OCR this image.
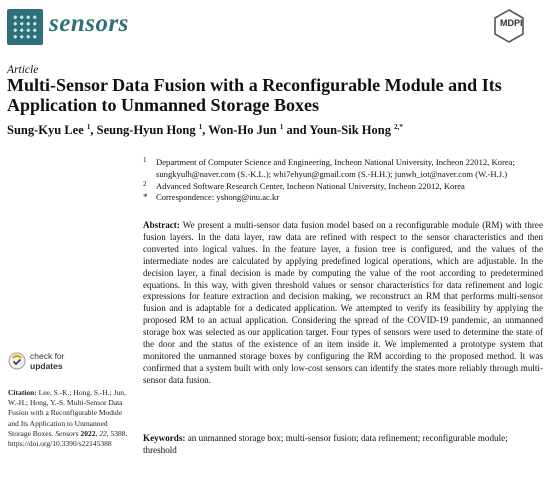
sensors	MDPI
Article
Multi-Sensor Data Fusion with a Reconfigurable Module and Its Application to Unmanned Storage Boxes
Sung-Kyu Lee $^1$, Seung-Hyun Hong $^1$, Won-Ho Jun $^1$ and Youn-Sik Hong $^{2,*}$
1 Department of Computer Science and Engineering, Incheon National University, Incheon 22012, Korea;
sungkyulh@naver.com (S.-K.L.); whi7ehyun@gmail.com (S.-H.H.); junwh_iot@naver.com (W.-H.J.)
2 Advanced Software Research Center, Incheon National University, Incheon 22012, Korea
* Correspondence: yshong@inu.ac.kr
Abstract: We present a multi-sensor data fusion model based on a reconfigurable module (RM) with three fusion layers. In the data layer, raw data are refined with respect to the sensor characteristics and then converted into logical values. In the feature layer, a fusion tree is configured, and the values of the intermediate nodes are calculated by applying predefined logical operations, which are adjustable. In the decision layer, a final decision is made by computing the value of the root according to predetermined equations. In this way, with given threshold values or sensor characteristics for data refinement and logic expressions for feature extraction and decision making, we reconstruct an RM that performs multi-sensor fusion and is adaptable for a dedicated application. We attempted to verify its feasibility by applying the proposed RM to an actual application. Considering the spread of the COVID-19 pandemic, an unmanned storage box was selected as our application target. Four types of sensors were used to determine the state of the door and the status of the existence of an item inside it. We implemented a prototype system that monitored the unmanned storage boxes by configuring the RM according to the proposed method. It was confirmed that a system built with only low-cost sensors can identify the states more reliably through multi-sensor data fusion.
Keywords: an unmanned storage box; multi-sensor fusion; data refinement; reconfigurable module; threshold
check for
updates
Citation: Lee, S.-K.; Hong, S.-H.; Jun, W.-H.; Hong, Y.-S. Multi-Sensor Data Fusion with a Reconfigurable Module and Its Application to Unmanned Storage Boxes. Sensors 2022, 22, 5388. https://doi.org/10.3390/s22145388
